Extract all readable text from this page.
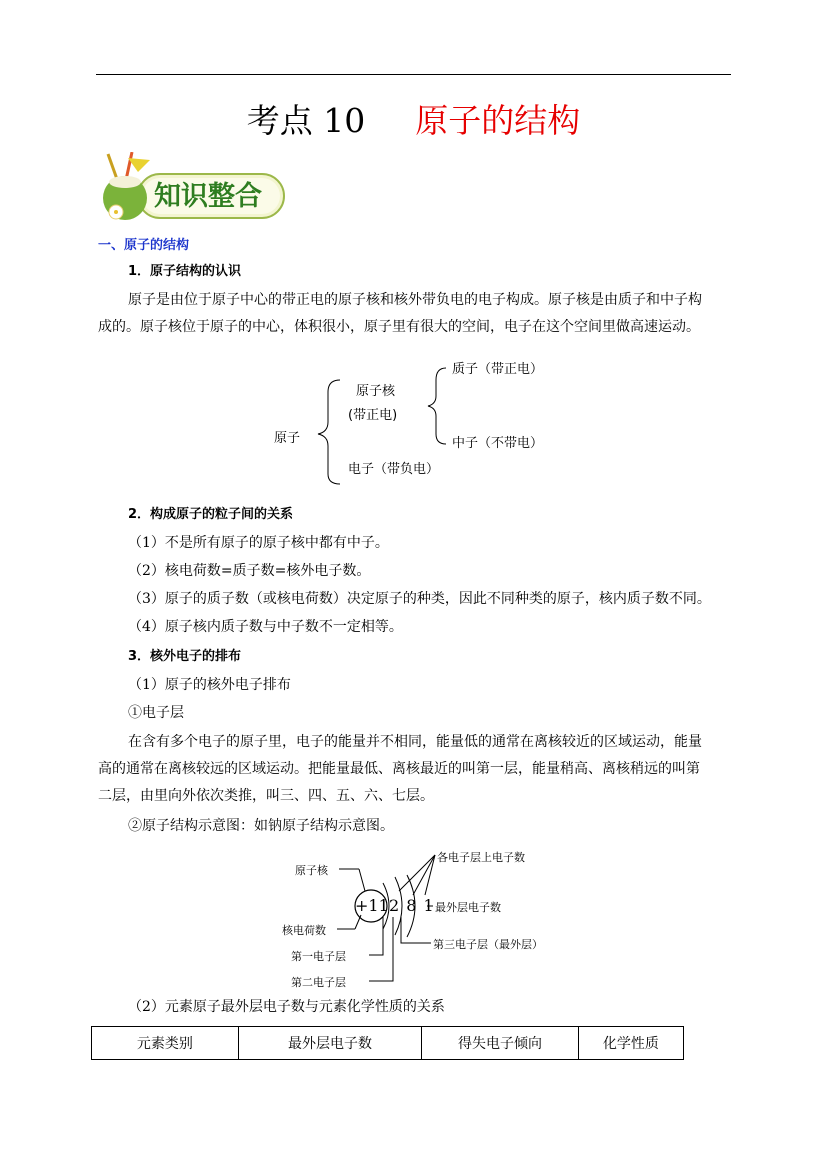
考点 10 原子的结构
知识整合
一、原子的结构
1．原子结构的认识
原子是由位于原子中心的带正电的原子核和核外带负电的电子构成。原子核是由质子和中子构
成的。原子核位于原子的中心，体积很小，原子里有很大的空间，电子在这个空间里做高速运动。
原子
原子核
(带正电)
质子（带正电）
中子（不带电）
电子（带负电）
2．构成原子的粒子间的关系
（1）不是所有原子的原子核中都有中子。
（2）核电荷数=质子数=核外电子数。
（3）原子的质子数（或核电荷数）决定原子的种类，因此不同种类的原子，核内质子数不同。
（4）原子核内质子数与中子数不一定相等。
3．核外电子的排布
（1）原子的核外电子排布
①电子层
在含有多个电子的原子里，电子的能量并不相同，能量低的通常在离核较近的区域运动，能量
高的通常在离核较远的区域运动。把能量最低、离核最近的叫第一层，能量稍高、离核稍远的叫第
二层，由里向外依次类推，叫三、四、五、六、七层。
②原子结构示意图：如钠原子结构示意图。
原子核
核电荷数
第一电子层
第二电子层
第三电子层（最外层）
各电子层上电子数
最外层电子数
+11 2 8 1
（2）元素原子最外层电子数与元素化学性质的关系
元素类别	最外层电子数	得失电子倾向	化学性质
